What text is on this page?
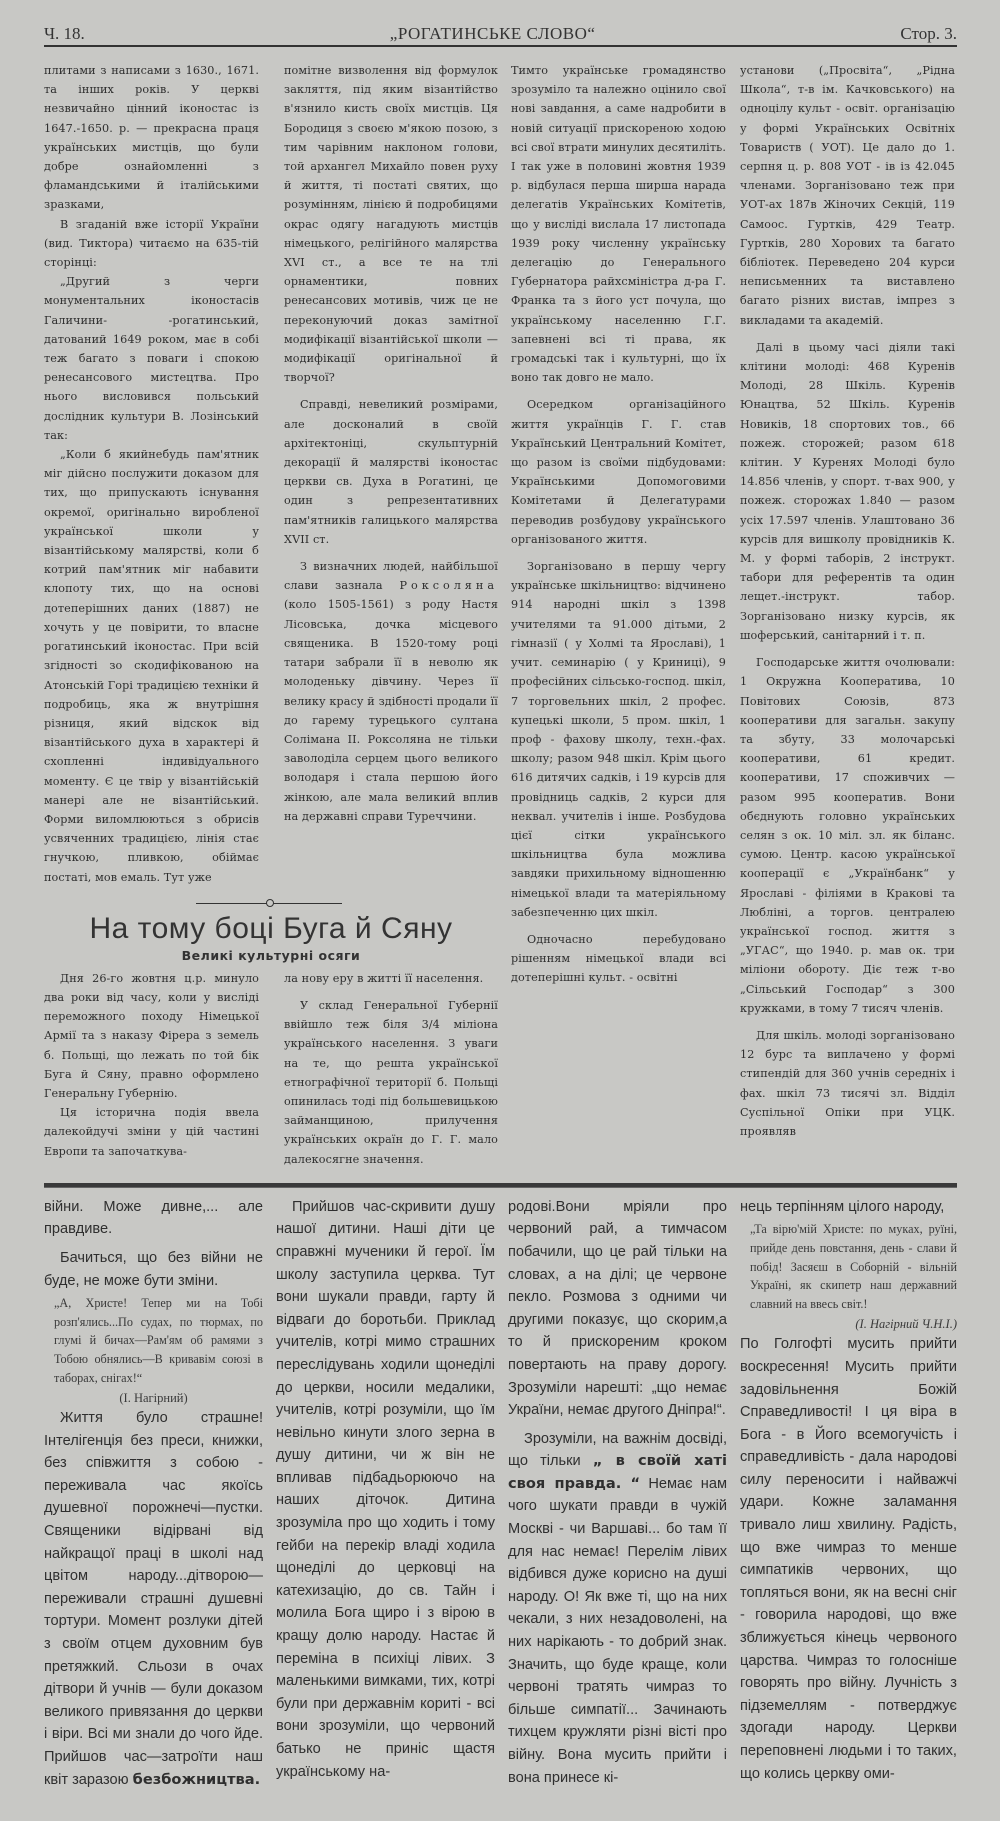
Ч. 18.	„РОГАТИНСЬКЕ СЛОВО“	Стор. 3.

плитами з написами з 1630., 1671. та інших років. У церкві незвичайно цінний іконостас із 1647.-1650. р. — прекрасна праця українських мистців, що були добре ознайомленні з фламандськими й італійськими зразками,

В згаданій вже історії України (вид. Тиктора) читаємо на 635-тій сторінці:

„Другий з черги монументальних іконостасів Галичини- -рогатинський, датований 1649 роком, має в собі теж багато з поваги і спокою ренесансового мистецтва. Про нього висловився польський дослідник культури В. Лозінський так:

„Коли б якийнебудь пам'ятник міг дійсно послужити доказом для тих, що припускають існування окремої, оригінально виробленої української школи у візантійському малярстві, коли б котрий пам'ятник міг набавити клопоту тих, що на основі дотеперішних даних (1887) не хочуть у це повірити, то власне рогатинський іконостас. При всій згідності зо скодифікованою на Атонській Горі традицією техніки й подробиць, яка ж внутрішня різниця, який відскок від візантійського духа в характері й схопленні індивідуального моменту. Є це твір у візантійській манері але не візантійський. Форми виломлюються з обрисів усвяченних традицією, лінія стає гнучкою, пливкою, обіймає постаті, мов емаль. Тут уже

помітне визволення від формулок закляття, під яким візантійство в'язнило кисть своїх мистців. Ця Бородиця з своєю м'якою позою, з тим чарівним наклоном голови, той архангел Михайло повен руху й життя, ті постаті святих, що розумінням, лінією й подробицями окрас одягу нагадують мистців німецького, релігійного малярства XVI ст., а все те на тлі орнаментики, повних ренесансових мотивів, чиж це не переконуючий доказ замітної модифікації візантійської школи — модифікації оригінальної й творчої?

Справді, невеликий розмірами, але досконалий в своїй архітектоніці, скульптурній декорації й малярстві іконостас церкви св. Духа в Рогатині, це один з репрезентативних пам'ятників галицького малярства XVII ст.

З визначних людей, найбільшої слави зазнала Роксоляна (коло 1505-1561) з роду Настя Лісовська, дочка місцевого священика. В 1520-тому році татари забрали її в неволю як молоденьку дівчину. Через її велику красу й здібності продали її до гарему турецького султана Солімана II. Роксоляна не тільки заволоділа серцем цього великого володаря і стала першою його жінкою, але мала великий вплив на державні справи Туреччини.

На тому боці Буга й Сяну
Великі культурні осяги

Дня 26-го жовтня ц.р. минуло два роки від часу, коли у висліді переможного походу Німецької Армії та з наказу Фірера з земель б. Польщі, що лежать по той бік Буга й Сяну, правно оформлено Генеральну Губернію.

Ця історична подія ввела далекойдучі зміни у цій частині Европи та започаткува-

ла нову еру в житті її населення.

У склад Генеральної Губернії ввійшло теж біля 3/4 міліона українського населення. З уваги на те, що решта української етнографічної території б. Польщі опинилась тоді під большевицькою займанщиною, прилучення українських окраїн до Г. Г. мало далекосягне значення.

Тимто українське громадянство зрозуміло та належно оцінило свої нові завдання, а саме надробити в новій ситуації прискореною ходою всі свої втрати минулих десятиліть. І так уже в половині жовтня 1939 р. відбулася перша ширша нарада делегатів Українських Комітетів, що у висліді вислала 17 листопада 1939 року численну українську делегацію до Генерального Губернатора райхсміністра д-ра Г. Франка та з його уст почула, що українському населенню Г.Г. запевнені всі ті права, як громадські так і культурні, що їх воно так довго не мало.

Осередком організаційного життя українців Г. Г. став Український Центральний Комітет, що разом із своїми підбудовами: Українськими Допомоговими Комітетами й Делегатурами переводив розбудову українського організованого життя.

Зорганізовано в першу чергу українське шкільництво: відчинено 914 народні шкіл з 1398 учителями та 91.000 дітьми, 2 гімназії ( у Холмі та Ярославі), 1 учит. семинарію ( у Криниці), 9 професійних сільсько-господ. шкіл, 7 торговельних шкіл, 2 профес. купецькі школи, 5 пром. шкіл, 1 проф - фахову школу, техн.-фах. школу; разом 948 шкіл. Крім цього 616 дитячих садків, і 19 курсів для провідниць садків, 2 курси для неквал. учителів і інше. Розбудова цієї сітки українського шкільництва була можлива завдяки прихильному відношенню німецької влади та матеріяльному забезпеченню цих шкіл.

Одночасно перебудовано рішенням німецької влади всі дотеперішні культ. - освітні

установи („Просвіта“, „Рідна Школа“, т-в ім. Качковського) на одноцілу культ - освіт. організацію у формі Українських Освітніх Товариств ( УОТ). Це дало до 1. серпня ц. р. 808 УОТ - ів із 42.045 членами. Зорганізовано теж при УОТ-ах 187в Жіночих Секцій, 119 Самоос. Гуртків, 429 Театр. Гуртків, 280 Хорових та багато бібліотек. Переведено 204 курси неписьменних та виставлено багато різних вистав, імпрез з викладами та академій.

Далі в цьому часі діяли такі клітини молоді: 468 Куренів Молоді, 28 Шкіль. Куренів Юнацтва, 52 Шкіль. Куренів Новиків, 18 спортових тов., 66 пожеж. сторожей; разом 618 клітин. У Куренях Молоді було 14.856 членів, у спорт. т-вах 900, у пожеж. сторожах 1.840 — разом усіх 17.597 членів. Улаштовано 36 курсів для вишколу провідників К. М. у формі таборів, 2 інструкт. табори для референтів та один лещет.-інструкт. табор. Зорганізовано низку курсів, як шоферський, санітарний і т. п.

Господарське життя очолювали: 1 Окружна Кооператива, 10 Повітових Союзів, 873 кооперативи для загальн. закупу та збуту, 33 молочарські кооперативи, 61 кредит. кооперативи, 17 споживчих — разом 995 кооператив. Вони обєднують головно українських селян з ок. 10 міл. зл. як біланс. сумою. Центр. касою української кооперації є „Українбанк“ у Ярославі - філіями в Кракові та Любліні, а торгов. централею української господ. життя з „УГАС“, що 1940. р. мав ок. три міліони обороту. Діє теж т-во „Сільський Господар“ з 300 кружками, в тому 7 тисяч членів.

Для шкіль. молоді зорганізовано 12 бурс та виплачено у формі стипендій для 360 учнів середніх і фах. шкіл 73 тисячі зл. Відділ Суспільної Опіки при УЦК. проявляв

війни. Може дивне,... але правдиве.

Бачиться, що без війни не буде, не може бути зміни.

„А, Христе! Тепер ми на Тобі розп'ялись...По судах, по тюрмах, по глумі й бичах—Рам'ям об рамями з Тобою обнялись—В кривавім союзі в таборах, снігах!“
(І. Нагірний)

Життя було страшне! Інтелігенція без преси, книжки, без співжиття з собою - переживала час якоїсь душевної порожнечі—пустки. Священики відірвані від найкращої праці в школі над цвітом народу...дітворою—переживали страшні душевні тортури. Момент розлуки дітей з своїм отцем духовним був претяжкий. Сльози в очах дітвори й учнів — були доказом великого привязання до церкви і віри. Всі ми знали до чого йде. Прийшов час—затроїти наш квіт заразою безбожництва.

Прийшов час-скривити душу нашої дитини. Наші діти це справжні мученики й герої. Їм школу заступила церква. Тут вони шукали правди, гарту й відваги до боротьби. Приклад учителів, котрі мимо страшних переслідувань ходили щонеділі до церкви, носили медалики, учителів, котрі розуміли, що їм невільно кинути злого зерна в душу дитини, чи ж він не впливав підбадьорюючо на наших діточок. Дитина зрозуміла про що ходить і тому гейби на перекір владі ходила щонеділі до церковці на катехизацію, до св. Тайн і молила Бога щиро і з вірою в кращу долю народу. Настає й переміна в психіці лівих. З маленькими вимками, тих, котрі були при державнім кориті - всі вони зрозуміли, що червоний батько не приніс щастя українському на-

родові.Вони мріяли про червоний рай, а тимчасом побачили, що це рай тільки на словах, а на ділі; це червоне пекло. Розмова з одними чи другими показує, що скорим,а то й прискореним кроком повертають на праву дорогу. Зрозуміли нарешті: „що немає України, немає другого Дніпра!“.

Зрозуміли, на важнім досвіді, що тільки „ в своїй хаті своя правда. “ Немає нам чого шукати правди в чужій Москві - чи Варшаві... бо там її для нас немає! Перелім лівих відбився дуже корисно на душі народу. О! Як вже ті, що на них чекали, з них незадоволені, на них нарікають - то добрий знак. Значить, що буде краще, коли червоні тратять чимраз то більше симпатії... Зачинають тихцем кружляти різні вісті про війну. Вона мусить прийти і вона принесе кі-

нець терпінням цілого народу,

„Та вірю'мій Христе: по муках, руїні, прийде день повстання, день - слави й побід! Засяєш в Соборній - вільній Україні, як скипетр наш державний славний на ввесь світ.!
(І. Нагірний Ч.Н.І.)

По Голгофті мусить прийти воскресення! Мусить прийти задовільнення Божій Справедливості! І ця віра в Бога - в Його всемогучість і справедливість - дала народові силу переносити і найважчі удари. Кожне заламання тривало лиш хвилину. Радість, що вже чимраз то менше симпатиків червоних, що топляться вони, як на весні сніг - говорила народові, що вже зближується кінець червоного царства. Чимраз то голосніше говорять про війну. Лучність з підземеллям - потверджує здогади народу. Церкви переповнені людьми і то таких, що колись церкву оми-
